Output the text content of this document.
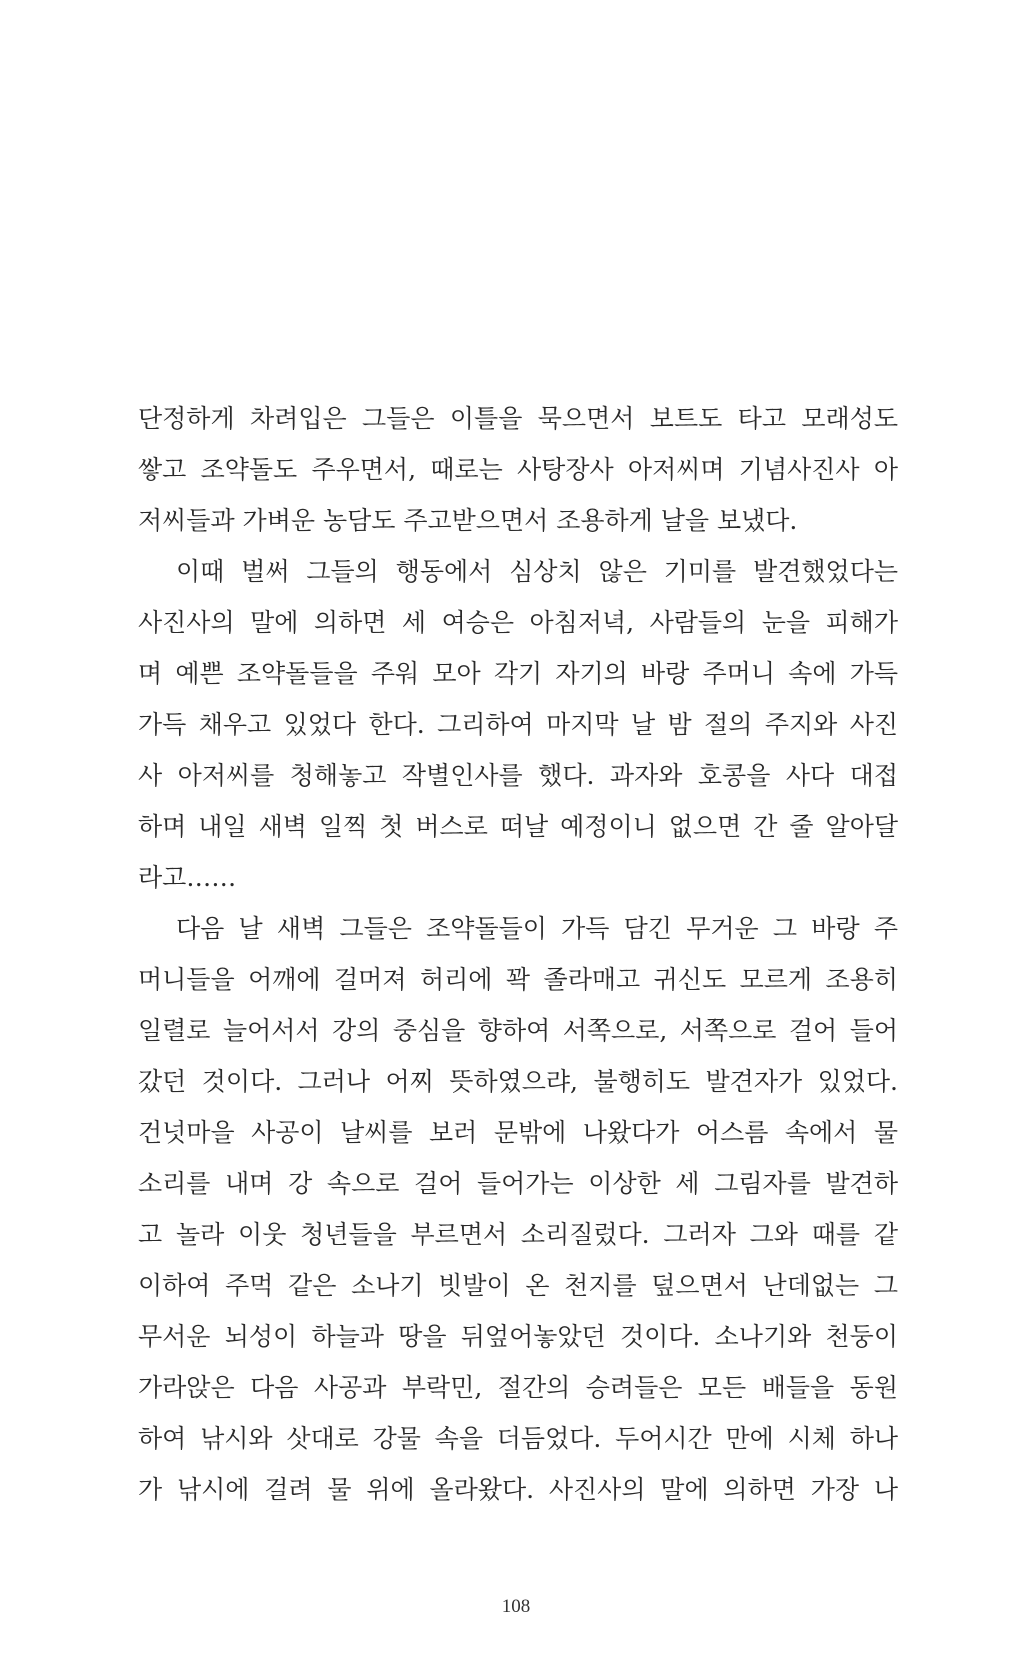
단정하게 차려입은 그들은 이틀을 묵으면서 보트도 타고 모래성도
쌓고 조약돌도 주우면서, 때로는 사탕장사 아저씨며 기념사진사 아
저씨들과 가벼운 농담도 주고받으면서 조용하게 날을 보냈다.
이때 벌써 그들의 행동에서 심상치 않은 기미를 발견했었다는
사진사의 말에 의하면 세 여승은 아침저녁, 사람들의 눈을 피해가
며 예쁜 조약돌들을 주워 모아 각기 자기의 바랑 주머니 속에 가득
가득 채우고 있었다 한다. 그리하여 마지막 날 밤 절의 주지와 사진
사 아저씨를 청해놓고 작별인사를 했다. 과자와 호콩을 사다 대접
하며 내일 새벽 일찍 첫 버스로 떠날 예정이니 없으면 간 줄 알아달
라고……
다음 날 새벽 그들은 조약돌들이 가득 담긴 무거운 그 바랑 주
머니들을 어깨에 걸머져 허리에 꽉 졸라매고 귀신도 모르게 조용히
일렬로 늘어서서 강의 중심을 향하여 서쪽으로, 서쪽으로 걸어 들어
갔던 것이다. 그러나 어찌 뜻하였으랴, 불행히도 발견자가 있었다.
건넛마을 사공이 날씨를 보러 문밖에 나왔다가 어스름 속에서 물
소리를 내며 강 속으로 걸어 들어가는 이상한 세 그림자를 발견하
고 놀라 이웃 청년들을 부르면서 소리질렀다. 그러자 그와 때를 같
이하여 주먹 같은 소나기 빗발이 온 천지를 덮으면서 난데없는 그
무서운 뇌성이 하늘과 땅을 뒤엎어놓았던 것이다. 소나기와 천둥이
가라앉은 다음 사공과 부락민, 절간의 승려들은 모든 배들을 동원
하여 낚시와 삿대로 강물 속을 더듬었다. 두어시간 만에 시체 하나
가 낚시에 걸려 물 위에 올라왔다. 사진사의 말에 의하면 가장 나
108
